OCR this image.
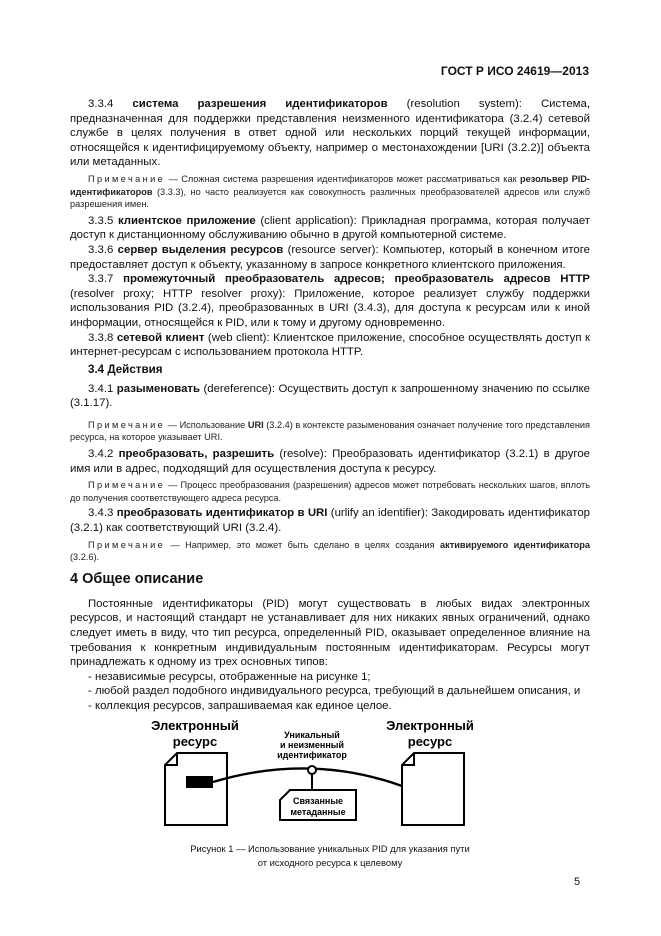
ГОСТ Р ИСО 24619—2013
3.3.4 система разрешения идентификаторов (resolution system): Система, предназначенная для поддержки представления неизменного идентификатора (3.2.4) сетевой службе в целях получения в ответ одной или нескольких порций текущей информации, относящейся к идентифицируемому объекту, например о местонахождении [URI (3.2.2)] объекта или метаданных.
Примечание — Сложная система разрешения идентификаторов может рассматриваться как резольвер PID-идентификаторов (3.3.3), но часто реализуется как совокупность различных преобразователей адресов или служб разрешения имен.
3.3.5 клиентское приложение (client application): Прикладная программа, которая получает доступ к дистанционному обслуживанию обычно в другой компьютерной системе.
3.3.6 сервер выделения ресурсов (resource server): Компьютер, который в конечном итоге предоставляет доступ к объекту, указанному в запросе конкретного клиентского приложения.
3.3.7 промежуточный преобразователь адресов; преобразователь адресов HTTP (resolver proxy; HTTP resolver proxy): Приложение, которое реализует службу поддержки использования PID (3.2.4), преобразованных в URI (3.4.3), для доступа к ресурсам или к иной информации, относящейся к PID, или к тому и другому одновременно.
3.3.8 сетевой клиент (web client): Клиентское приложение, способное осуществлять доступ к интернет-ресурсам с использованием протокола HTTP.
3.4 Действия
3.4.1 разыменовать (dereference): Осуществить доступ к запрошенному значению по ссылке (3.1.17).
Примечание — Использование URI (3.2.4) в контексте разыменования означает получение того представления ресурса, на которое указывает URI.
3.4.2 преобразовать, разрешить (resolve): Преобразовать идентификатор (3.2.1) в другое имя или в адрес, подходящий для осуществления доступа к ресурсу.
Примечание — Процесс преобразования (разрешения) адресов может потребовать нескольких шагов, вплоть до получения соответствующего адреса ресурса.
3.4.3 преобразовать идентификатор в URI (urlify an identifier): Закодировать идентификатор (3.2.1) как соответствующий URI (3.2.4).
Примечание — Например, это может быть сделано в целях создания активируемого идентификатора (3.2.6).
4 Общее описание
Постоянные идентификаторы (PID) могут существовать в любых видах электронных ресурсов, и настоящий стандарт не устанавливает для них никаких явных ограничений, однако следует иметь в виду, что тип ресурса, определенный PID, оказывает определенное влияние на требования к конкретным индивидуальным постоянным идентификаторам. Ресурсы могут принадлежать к одному из трех основных типов:
- независимые ресурсы, отображенные на рисунке 1;
- любой раздел подобного индивидуального ресурса, требующий в дальнейшем описания, и
- коллекция ресурсов, запрашиваемая как единое целое.
Электронный
ресурс
Электронный
ресурс
Уникальный
и неизменный
идентификатор
Связанные
метаданные
Рисунок 1 — Использование уникальных PID для указания пути
от исходного ресурса к целевому
5
